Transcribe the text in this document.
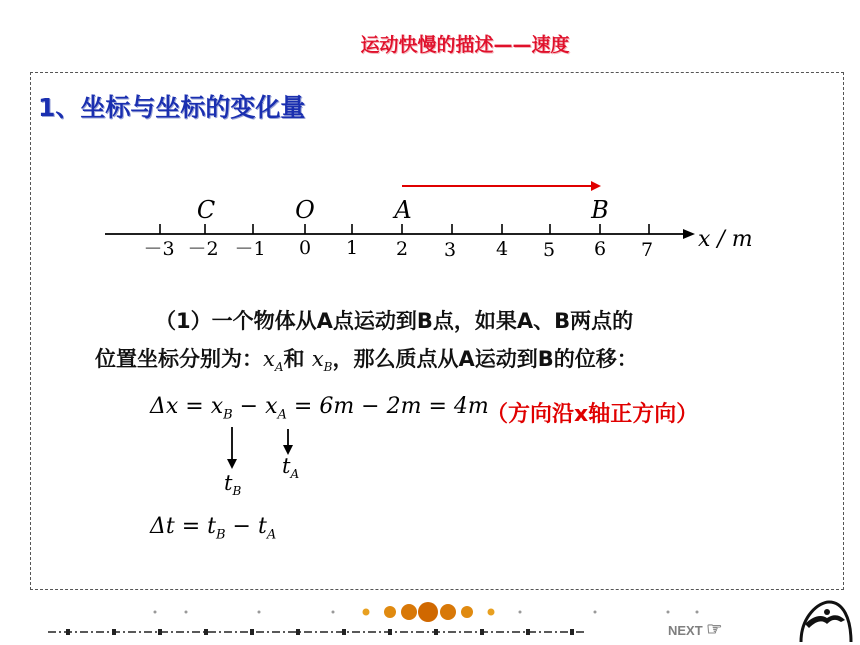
运动快慢的描述——速度
1、坐标与坐标的变化量
－3 －2 －1 0 1 2 3 4 5 6 7
C	O	A	B
x / m
（1）一个物体从A点运动到B点，如果A、B两点的
位置坐标分别为：$x_A$和 $x_B$，那么质点从A运动到B的位移：
$\Delta x = x_B - x_A = 6m - 2m = 4m$
（方向沿x轴正方向）
$t_A$
$t_B$
$\Delta t = t_B - t_A$
NEXT ☞
